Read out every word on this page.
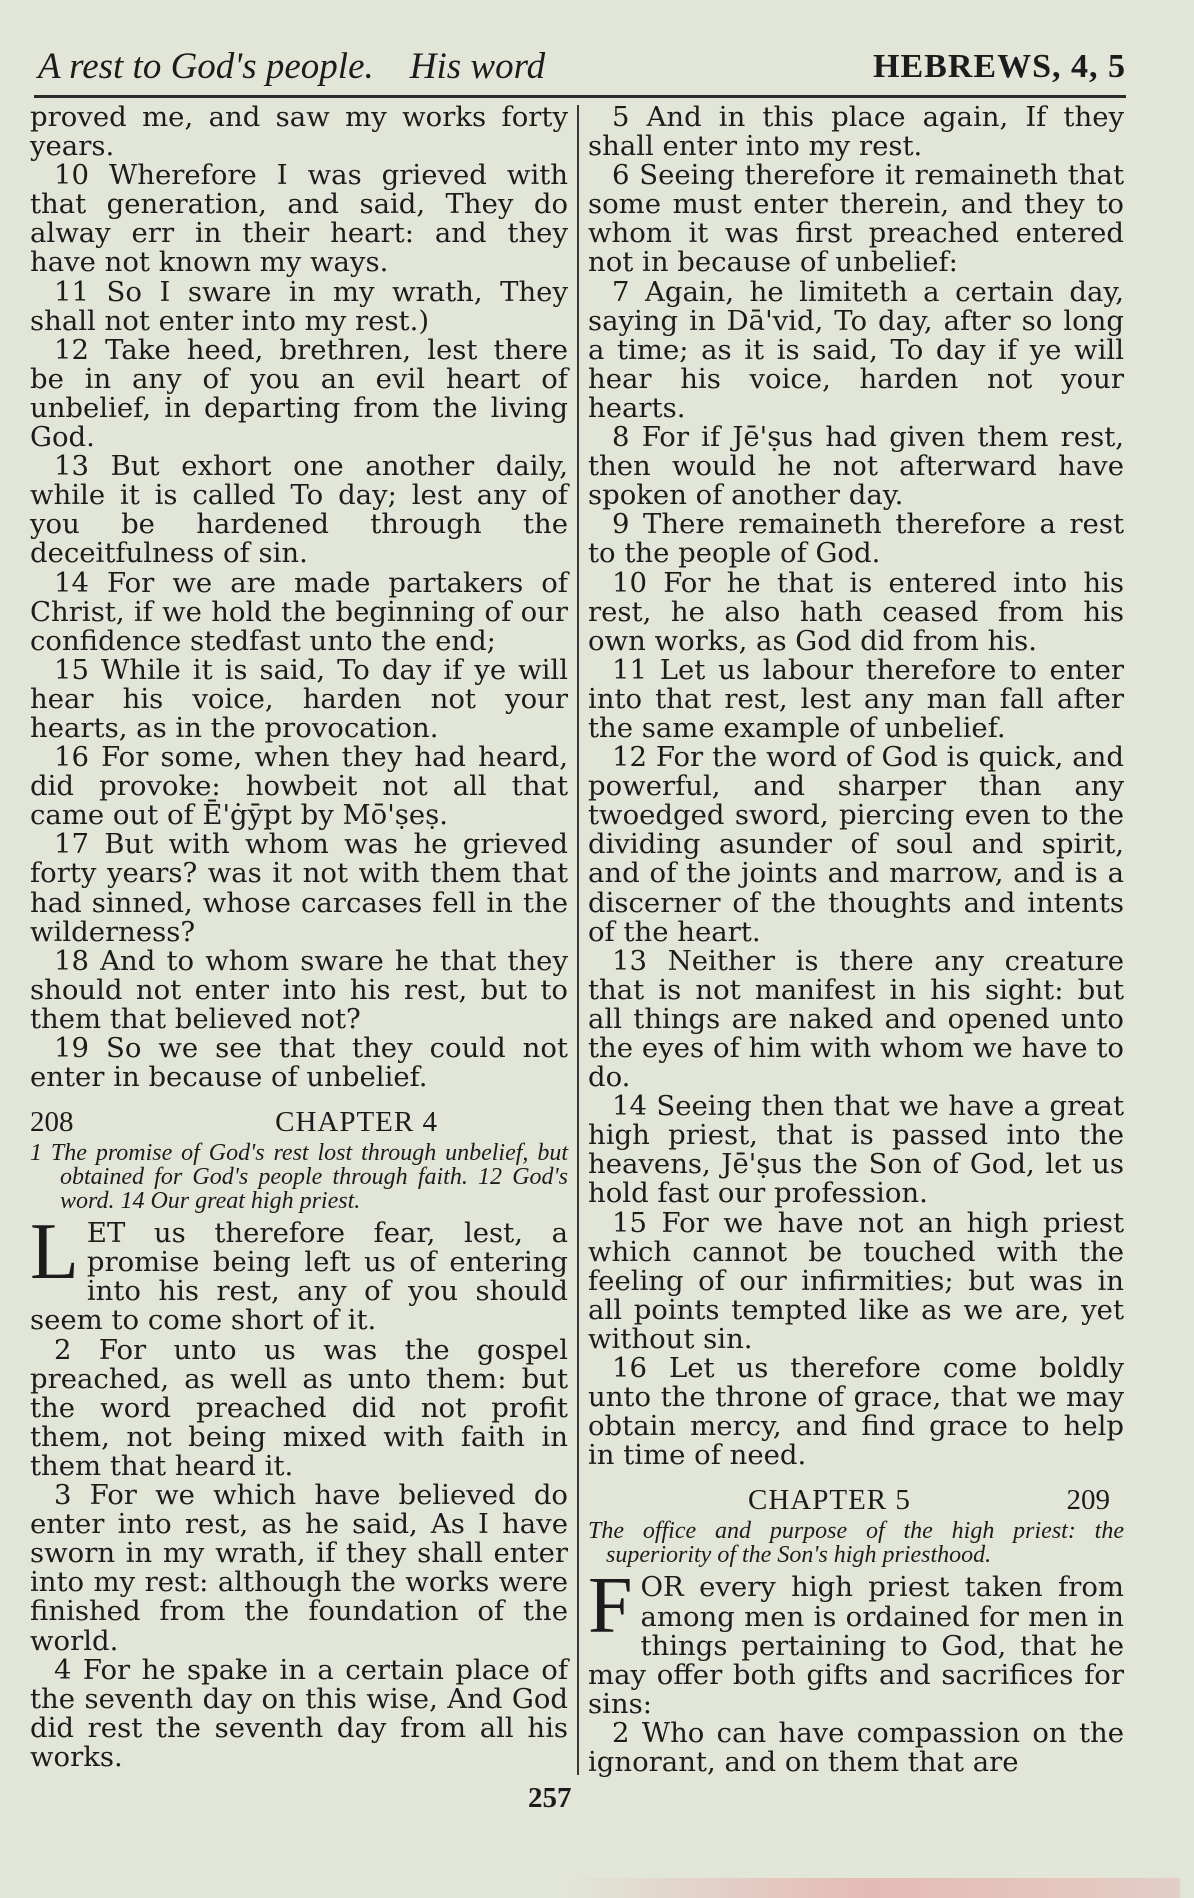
A rest to God's people. His word	HEBREWS, 4, 5

proved me, and saw my works forty years.

10 Wherefore I was grieved with that generation, and said, They do alway err in their heart: and they have not known my ways.

11 So I sware in my wrath, They shall not enter into my rest.)

12 Take heed, brethren, lest there be in any of you an evil heart of unbelief, in departing from the living God.

13 But exhort one another daily, while it is called To day; lest any of you be hardened through the deceitfulness of sin.

14 For we are made partakers of Christ, if we hold the beginning of our confidence stedfast unto the end;

15 While it is said, To day if ye will hear his voice, harden not your hearts, as in the provocation.

16 For some, when they had heard, did provoke: howbeit not all that came out of Ē'ġȳpt by Mō'ṣeṣ.

17 But with whom was he grieved forty years? was it not with them that had sinned, whose carcases fell in the wilderness?

18 And to whom sware he that they should not enter into his rest, but to them that believed not?

19 So we see that they could not enter in because of unbelief.

208	CHAPTER 4
1 The promise of God's rest lost through unbelief, but obtained for God's people through faith. 12 God's word. 14 Our great high priest.

LET us therefore fear, lest, a promise being left us of entering into his rest, any of you should seem to come short of it.

2 For unto us was the gospel preached, as well as unto them: but the word preached did not profit them, not being mixed with faith in them that heard it.

3 For we which have believed do enter into rest, as he said, As I have sworn in my wrath, if they shall enter into my rest: although the works were finished from the foundation of the world.

4 For he spake in a certain place of the seventh day on this wise, And God did rest the seventh day from all his works.

5 And in this place again, If they shall enter into my rest.

6 Seeing therefore it remaineth that some must enter therein, and they to whom it was first preached entered not in because of unbelief:

7 Again, he limiteth a certain day, saying in Dā'vid, To day, after so long a time; as it is said, To day if ye will hear his voice, harden not your hearts.

8 For if Jē'ṣus had given them rest, then would he not afterward have spoken of another day.

9 There remaineth therefore a rest to the people of God.

10 For he that is entered into his rest, he also hath ceased from his own works, as God did from his.

11 Let us labour therefore to enter into that rest, lest any man fall after the same example of unbelief.

12 For the word of God is quick, and powerful, and sharper than any twoedged sword, piercing even to the dividing asunder of soul and spirit, and of the joints and marrow, and is a discerner of the thoughts and intents of the heart.

13 Neither is there any creature that is not manifest in his sight: but all things are naked and opened unto the eyes of him with whom we have to do.

14 Seeing then that we have a great high priest, that is passed into the heavens, Jē'ṣus the Son of God, let us hold fast our profession.

15 For we have not an high priest which cannot be touched with the feeling of our infirmities; but was in all points tempted like as we are, yet without sin.

16 Let us therefore come boldly unto the throne of grace, that we may obtain mercy, and find grace to help in time of need.

CHAPTER 5	209
The office and purpose of the high priest: the superiority of the Son's high priesthood.

FOR every high priest taken from among men is ordained for men in things pertaining to God, that he may offer both gifts and sacrifices for sins:

2 Who can have compassion on the ignorant, and on them that are

257
